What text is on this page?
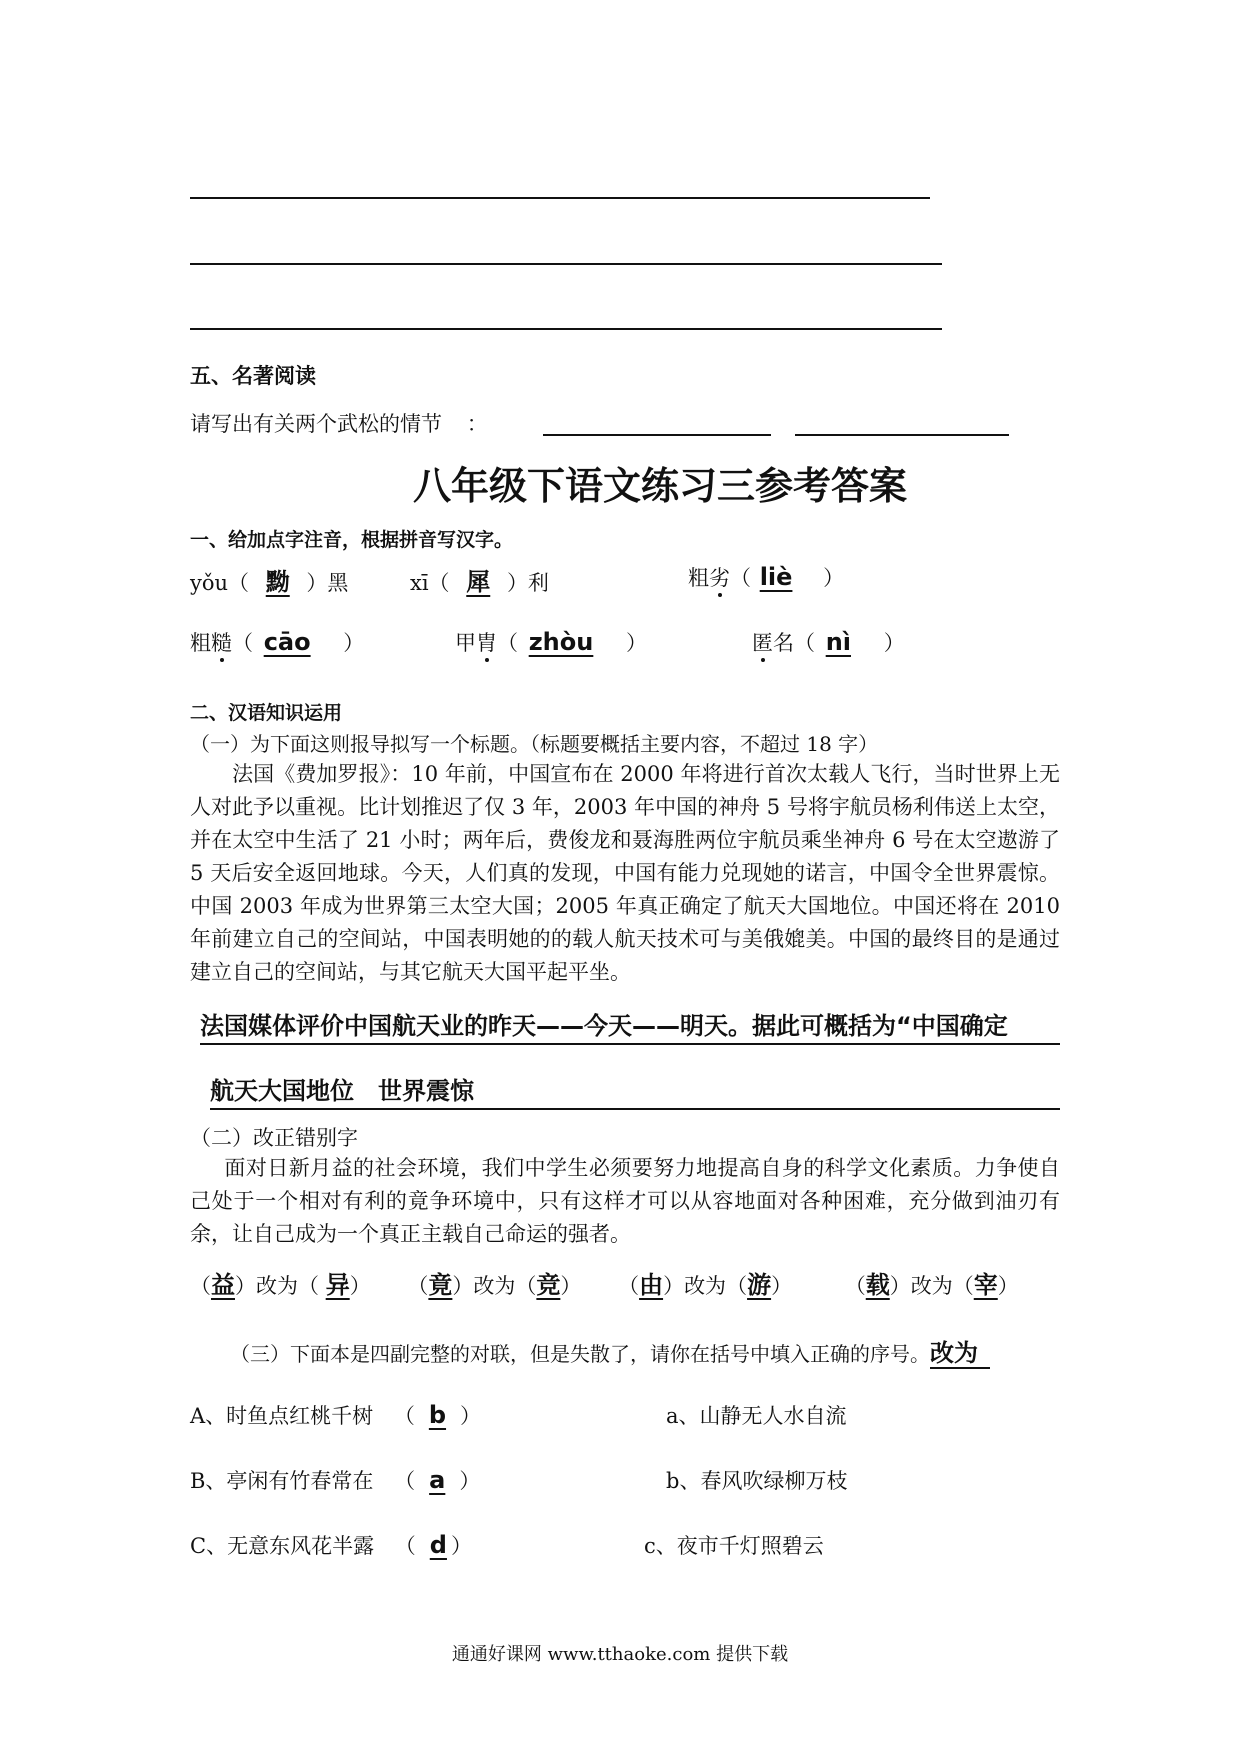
五、名著阅读
请写出有关两个武松的情节 ：
八年级下语文练习三参考答案
一、给加点字注音，根据拼音写汉字。
yǒu（ 黝 ）黑	xī（ 犀 ）利	粗劣（ liè ）
粗糙（ cāo ）	甲胄（ zhòu ）	匿名（ nì ）
二、汉语知识运用
（一）为下面这则报导拟写一个标题。（标题要概括主要内容，不超过 18 字）
法国《费加罗报》：10 年前，中国宣布在 2000 年将进行首次太载人飞行，当时世界上无人对此予以重视。比计划推迟了仅 3 年，2003 年中国的神舟 5 号将宇航员杨利伟送上太空，并在太空中生活了 21 小时；两年后，费俊龙和聂海胜两位宇航员乘坐神舟 6 号在太空遨游了 5 天后安全返回地球。今天，人们真的发现，中国有能力兑现她的诺言，中国令全世界震惊。中国 2003 年成为世界第三太空大国；2005 年真正确定了航天大国地位。中国还将在 2010 年前建立自己的空间站，中国表明她的的载人航天技术可与美俄媲美。中国的最终目的是通过建立自己的空间站，与其它航天大国平起平坐。
法国媒体评价中国航天业的昨天——今天——明天。据此可概括为“中国确定
航天大国地位　世界震惊
（二）改正错别字
面对日新月益的社会环境，我们中学生必须要努力地提高自身的科学文化素质。力争使自己处于一个相对有利的竟争环境中，只有这样才可以从容地面对各种困难，充分做到油刃有余，让自己成为一个真正主载自己命运的强者。
（益）改为（ 异） （竟）改为（竞） （由）改为（游）	（载）改为（宰）
（三）下面本是四副完整的对联，但是失散了，请你在括号中填入正确的序号。改为
A、时鱼点红桃千树 （ b ）	a、山静无人水自流
B、亭闲有竹春常在 （ a ）	b、春风吹绿柳万枝
C、无意东风花半露 （ d ）	c、夜市千灯照碧云
通通好课网 www.tthaoke.com 提供下载
